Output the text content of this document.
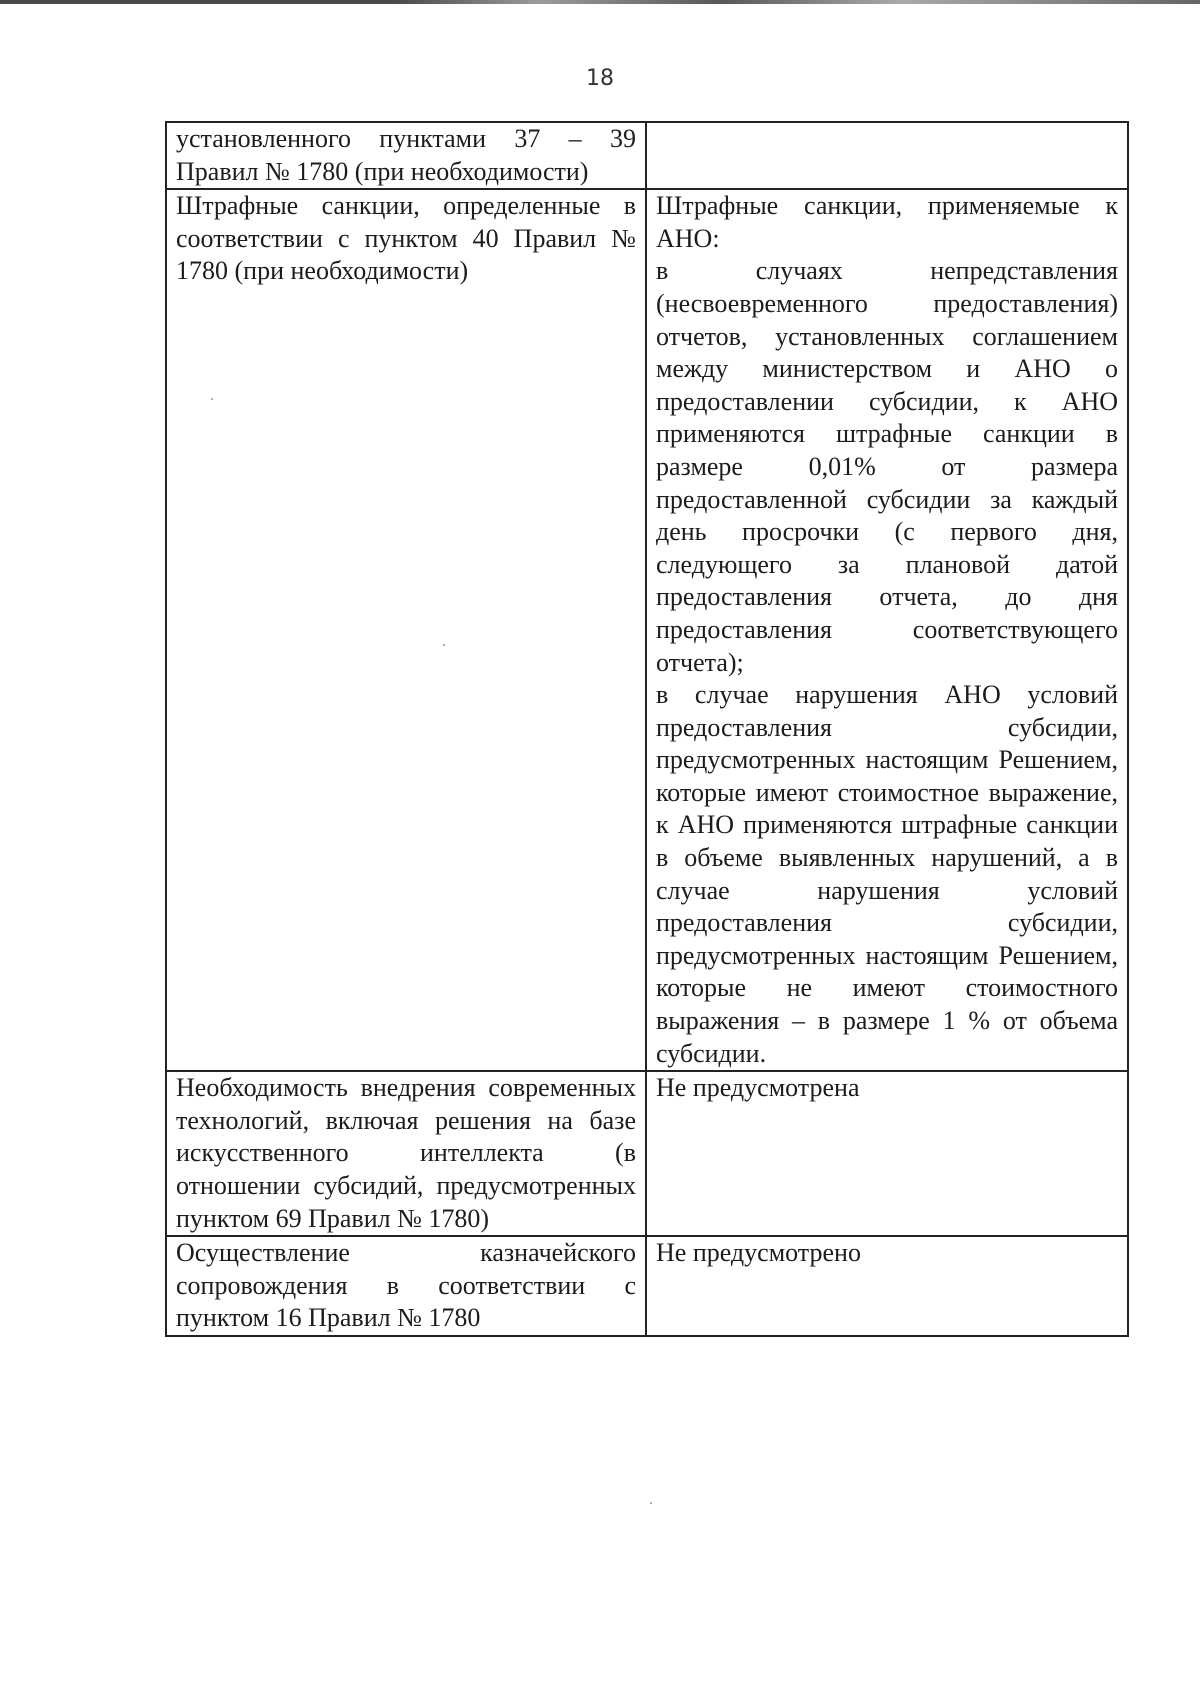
18
установленного пунктами 37 – 39 Правил № 1780 (при необходимости)	
Штрафные санкции, определенные в соответствии с пунктом 40 Правил № 1780 (при необходимости)	Штрафные санкции, применяемые к АНО:
в случаях непредставления (несвоевременного предоставления) отчетов, установленных соглашением между министерством и АНО о предоставлении субсидии, к АНО применяются штрафные санкции в размере 0,01% от размера предоставленной субсидии за каждый день просрочки (с первого дня, следующего за плановой датой предоставления отчета, до дня предоставления соответствующего отчета);
в случае нарушения АНО условий предоставления субсидии, предусмотренных настоящим Решением, которые имеют стоимостное выражение, к АНО применяются штрафные санкции в объеме выявленных нарушений, а в случае нарушения условий предоставления субсидии, предусмотренных настоящим Решением, которые не имеют стоимостного выражения – в размере 1 % от объема субсидии.
Необходимость внедрения современных технологий, включая решения на базе искусственного интеллекта (в отношении субсидий, предусмотренных пунктом 69 Правил № 1780)	Не предусмотрена
Осуществление казначейского сопровождения в соответствии с пунктом 16 Правил № 1780	Не предусмотрено
